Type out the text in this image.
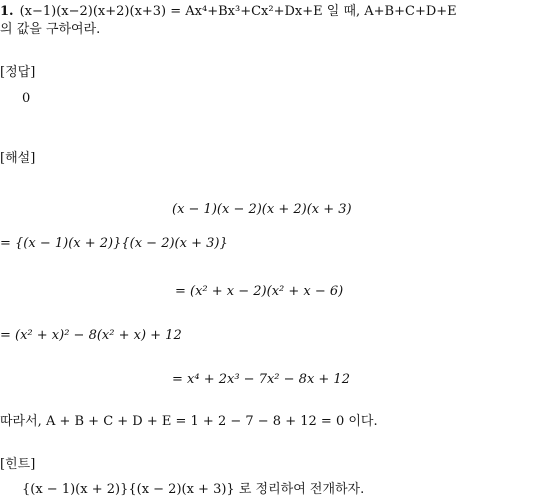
1. (x−1)(x−2)(x+2)(x+3) = Ax⁴+Bx³+Cx²+Dx+E 일 때, A+B+C+D+E
의 값을 구하여라.
[정답]
0
[해설]
(x − 1)(x − 2)(x + 2)(x + 3)
= {(x − 1)(x + 2)}{(x − 2)(x + 3)}
= (x² + x − 2)(x² + x − 6)
= (x² + x)² − 8(x² + x) + 12
= x⁴ + 2x³ − 7x² − 8x + 12
따라서, A + B + C + D + E = 1 + 2 − 7 − 8 + 12 = 0 이다.
[힌트]
{(x − 1)(x + 2)}{(x − 2)(x + 3)} 로 정리하여 전개하자.
